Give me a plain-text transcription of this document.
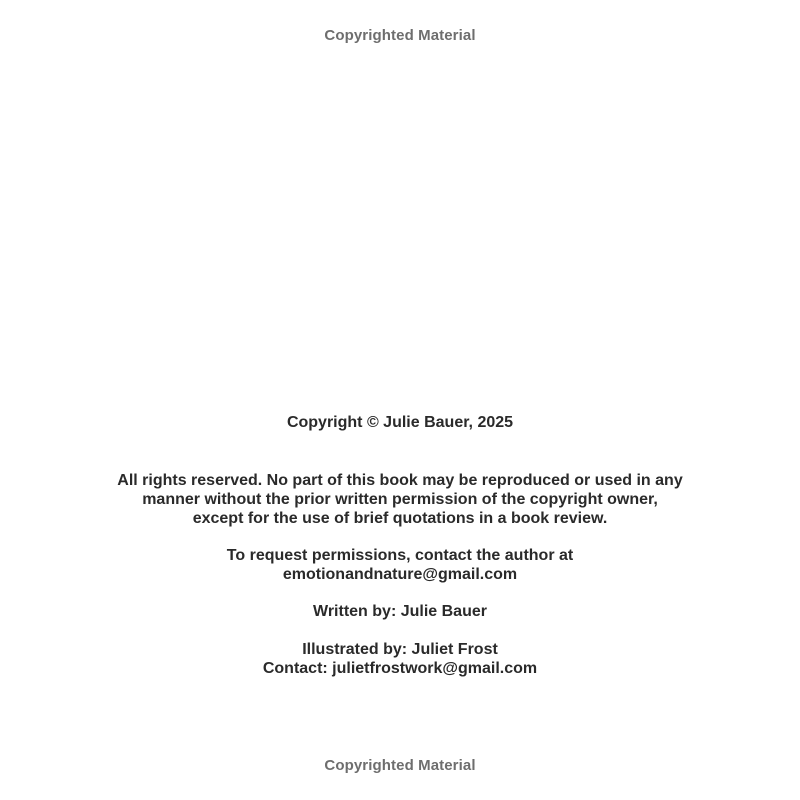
Copyrighted Material
Copyright © Julie Bauer, 2025
All rights reserved. No part of this book may be reproduced or used in any
manner without the prior written permission of the copyright owner,
except for the use of brief quotations in a book review.
To request permissions, contact the author at
emotionandnature@gmail.com
Written by: Julie Bauer
Illustrated by: Juliet Frost
Contact: julietfrostwork@gmail.com
Copyrighted Material
